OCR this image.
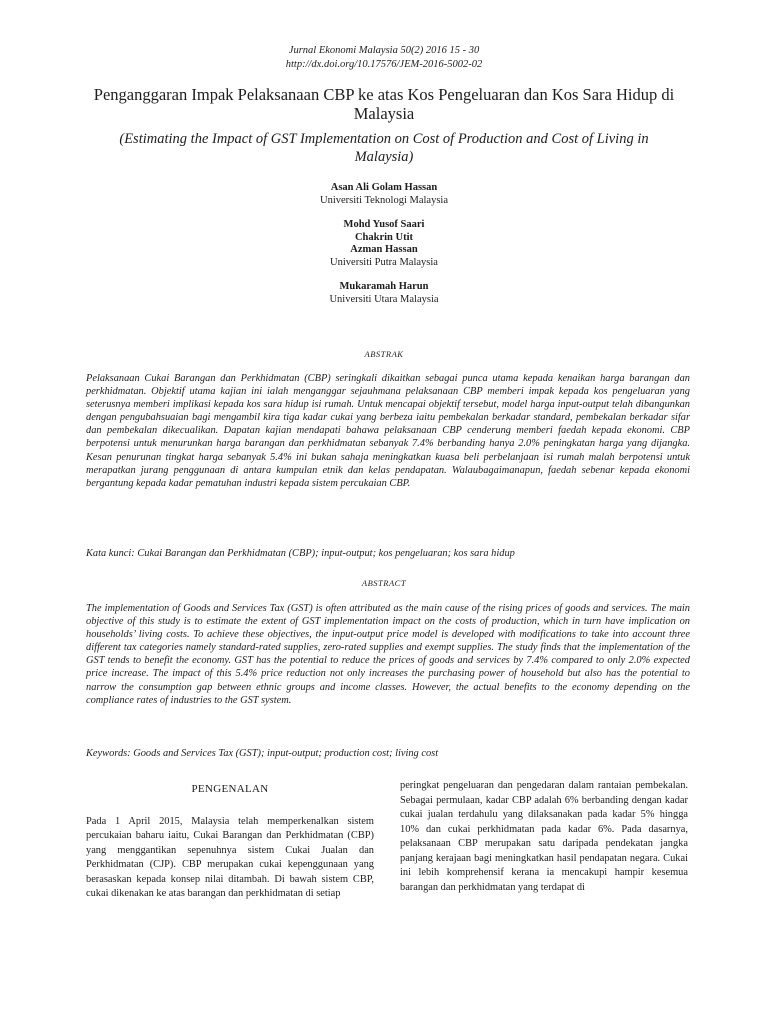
Jurnal Ekonomi Malaysia 50(2) 2016 15 - 30
http://dx.doi.org/10.17576/JEM-2016-5002-02
Penganggaran Impak Pelaksanaan CBP ke atas Kos Pengeluaran dan Kos Sara Hidup di Malaysia
(Estimating the Impact of GST Implementation on Cost of Production and Cost of Living in Malaysia)
Asan Ali Golam Hassan
Universiti Teknologi Malaysia
Mohd Yusof Saari
Chakrin Utit
Azman Hassan
Universiti Putra Malaysia
Mukaramah Harun
Universiti Utara Malaysia
ABSTRAK

Pelaksanaan Cukai Barangan dan Perkhidmatan (CBP) seringkali dikaitkan sebagai punca utama kepada kenaikan harga barangan dan perkhidmatan. Objektif utama kajian ini ialah menganggar sejauhmana pelaksanaan CBP memberi impak kepada kos pengeluaran yang seterusnya memberi implikasi kepada kos sara hidup isi rumah. Untuk mencapai objektif tersebut, model harga input-output telah dibangunkan dengan pengubahsuaian bagi mengambil kira tiga kadar cukai yang berbeza iaitu pembekalan berkadar standard, pembekalan berkadar sifar dan pembekalan dikecualikan. Dapatan kajian mendapati bahawa pelaksanaan CBP cenderung memberi faedah kepada ekonomi. CBP berpotensi untuk menurunkan harga barangan dan perkhidmatan sebanyak 7.4% berbanding hanya 2.0% peningkatan harga yang dijangka. Kesan penurunan tingkat harga sebanyak 5.4% ini bukan sahaja meningkatkan kuasa beli perbelanjaan isi rumah malah berpotensi untuk merapatkan jurang penggunaan di antara kumpulan etnik dan kelas pendapatan. Walaubagaimanapun, faedah sebenar kepada ekonomi bergantung kepada kadar pematuhan industri kepada sistem percukaian CBP.

Kata kunci: Cukai Barangan dan Perkhidmatan (CBP); input-output; kos pengeluaran; kos sara hidup

ABSTRACT

The implementation of Goods and Services Tax (GST) is often attributed as the main cause of the rising prices of goods and services. The main objective of this study is to estimate the extent of GST implementation impact on the costs of production, which in turn have implication on households’ living costs. To achieve these objectives, the input-output price model is developed with modifications to take into account three different tax categories namely standard-rated supplies, zero-rated supplies and exempt supplies. The study finds that the implementation of the GST tends to benefit the economy. GST has the potential to reduce the prices of goods and services by 7.4% compared to only 2.0% expected price increase. The impact of this 5.4% price reduction not only increases the purchasing power of household but also has the potential to narrow the consumption gap between ethnic groups and income classes. However, the actual benefits to the economy depending on the compliance rates of industries to the GST system.

Keywords: Goods and Services Tax (GST); input-output; production cost; living cost

PENGENALAN

Pada 1 April 2015, Malaysia telah memperkenalkan sistem percukaian baharu iaitu, Cukai Barangan dan Perkhidmatan (CBP) yang menggantikan sepenuhnya sistem Cukai Jualan dan Perkhidmatan (CJP). CBP merupakan cukai kepenggunaan yang berasaskan kepada konsep nilai ditambah. Di bawah sistem CBP, cukai dikenakan ke atas barangan dan perkhidmatan di setiap

peringkat pengeluaran dan pengedaran dalam rantaian pembekalan. Sebagai permulaan, kadar CBP adalah 6% berbanding dengan kadar cukai jualan terdahulu yang dilaksanakan pada kadar 5% hingga 10% dan cukai perkhidmatan pada kadar 6%. Pada dasarnya, pelaksanaan CBP merupakan satu daripada pendekatan jangka panjang kerajaan bagi meningkatkan hasil pendapatan negara. Cukai ini lebih komprehensif kerana ia mencakupi hampir kesemua barangan dan perkhidmatan yang terdapat di
